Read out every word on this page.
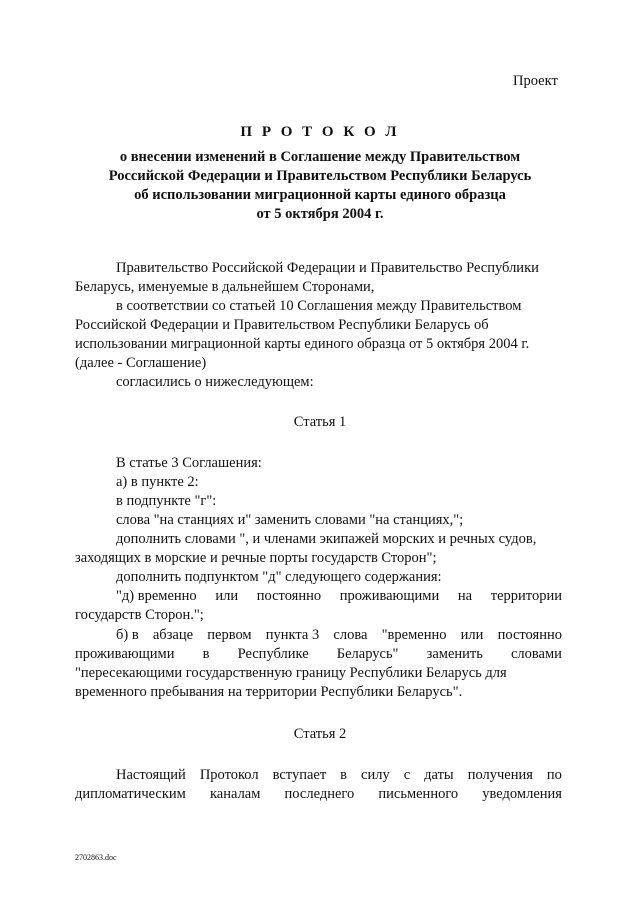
Проект
П Р О Т О К О Л
о внесении изменений в Соглашение между Правительством
Российской Федерации и Правительством Республики Беларусь
об использовании миграционной карты единого образца
от 5 октября 2004 г.
Правительство Российской Федерации и Правительство Республики
Беларусь, именуемые в дальнейшем Сторонами,
в соответствии со статьей 10 Соглашения между Правительством
Российской Федерации и Правительством Республики Беларусь об
использовании миграционной карты единого образца от 5 октября 2004 г.
(далее - Соглашение)
согласились о нижеследующем:
Статья 1
В статье 3 Соглашения:
а) в пункте 2:
в подпункте "г":
слова "на станциях и" заменить словами "на станциях,";
дополнить словами ", и членами экипажей морских и речных судов,
заходящих в морские и речные порты государств Сторон";
дополнить подпунктом "д" следующего содержания:
"д) временно или постоянно проживающими на территории
государств Сторон.";
б) в абзаце первом пункта 3 слова "временно или постоянно
проживающими в Республике Беларусь" заменить словами
"пересекающими государственную границу Республики Беларусь для
временного пребывания на территории Республики Беларусь".
Статья 2
Настоящий Протокол вступает в силу с даты получения по
дипломатическим каналам последнего письменного уведомления
2702863.doc
